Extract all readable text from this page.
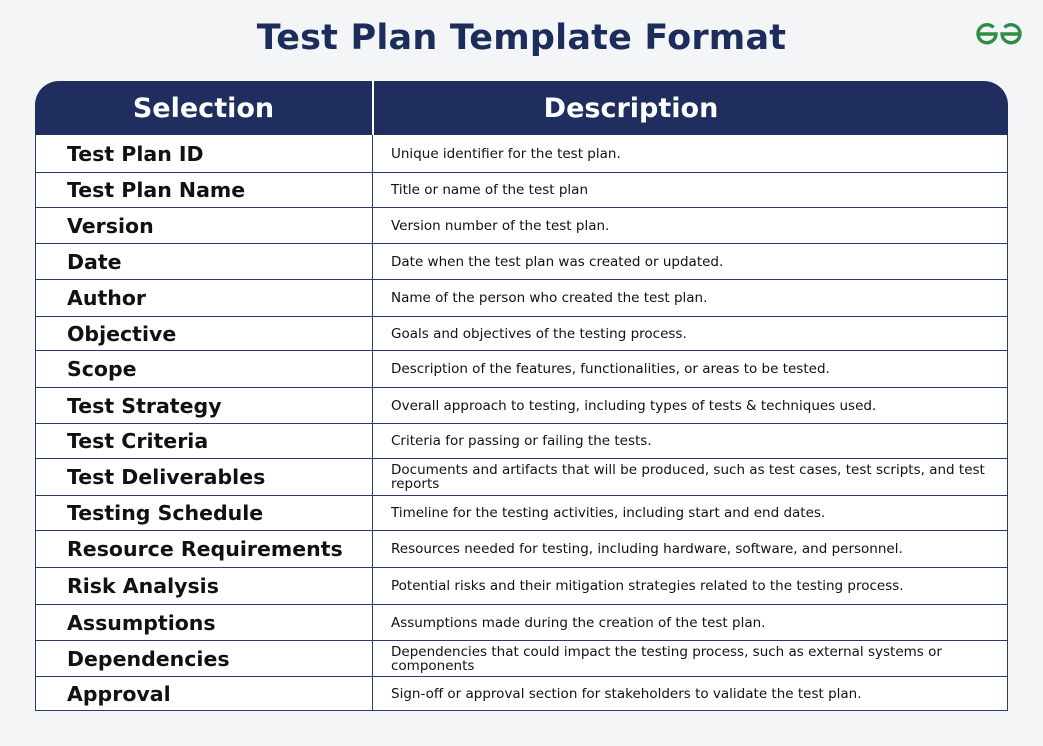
Test Plan Template Format
Selection	Description
Test Plan ID	Unique identifier for the test plan.
Test Plan Name	Title or name of the test plan
Version	Version number of the test plan.
Date	Date when the test plan was created or updated.
Author	Name of the person who created the test plan.
Objective	Goals and objectives of the testing process.
Scope	Description of the features, functionalities, or areas to be tested.
Test Strategy	Overall approach to testing, including types of tests & techniques used.
Test Criteria	Criteria for passing or failing the tests.
Test Deliverables	Documents and artifacts that will be produced, such as test cases, test scripts, and test reports
Testing Schedule	Timeline for the testing activities, including start and end dates.
Resource Requirements	Resources needed for testing, including hardware, software, and personnel.
Risk Analysis	Potential risks and their mitigation strategies related to the testing process.
Assumptions	Assumptions made during the creation of the test plan.
Dependencies	Dependencies that could impact the testing process, such as external systems or components
Approval	Sign-off or approval section for stakeholders to validate the test plan.
